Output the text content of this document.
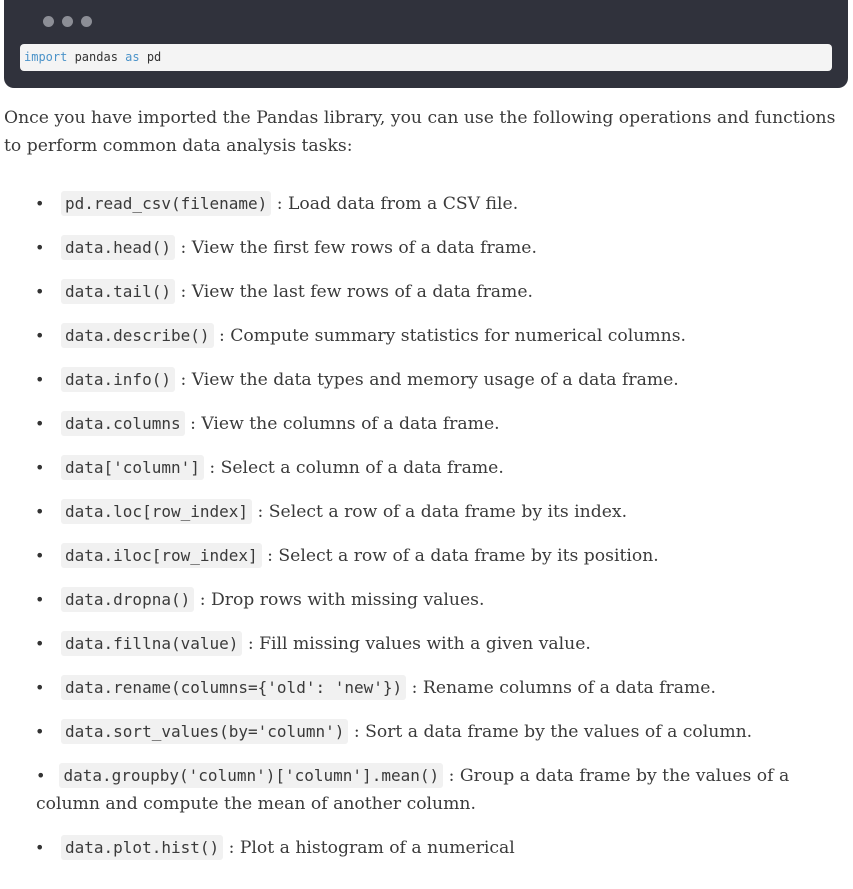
import pandas as pd

Once you have imported the Pandas library, you can use the following operations and functions to perform common data analysis tasks:

• pd.read_csv(filename) : Load data from a CSV file.
• data.head() : View the first few rows of a data frame.
• data.tail() : View the last few rows of a data frame.
• data.describe() : Compute summary statistics for numerical columns.
• data.info() : View the data types and memory usage of a data frame.
• data.columns : View the columns of a data frame.
• data['column'] : Select a column of a data frame.
• data.loc[row_index] : Select a row of a data frame by its index.
• data.iloc[row_index] : Select a row of a data frame by its position.
• data.dropna() : Drop rows with missing values.
• data.fillna(value) : Fill missing values with a given value.
• data.rename(columns={'old': 'new'}) : Rename columns of a data frame.
• data.sort_values(by='column') : Sort a data frame by the values of a column.
• data.groupby('column')['column'].mean() : Group a data frame by the values of a column and compute the mean of another column.
• data.plot.hist() : Plot a histogram of a numerical
